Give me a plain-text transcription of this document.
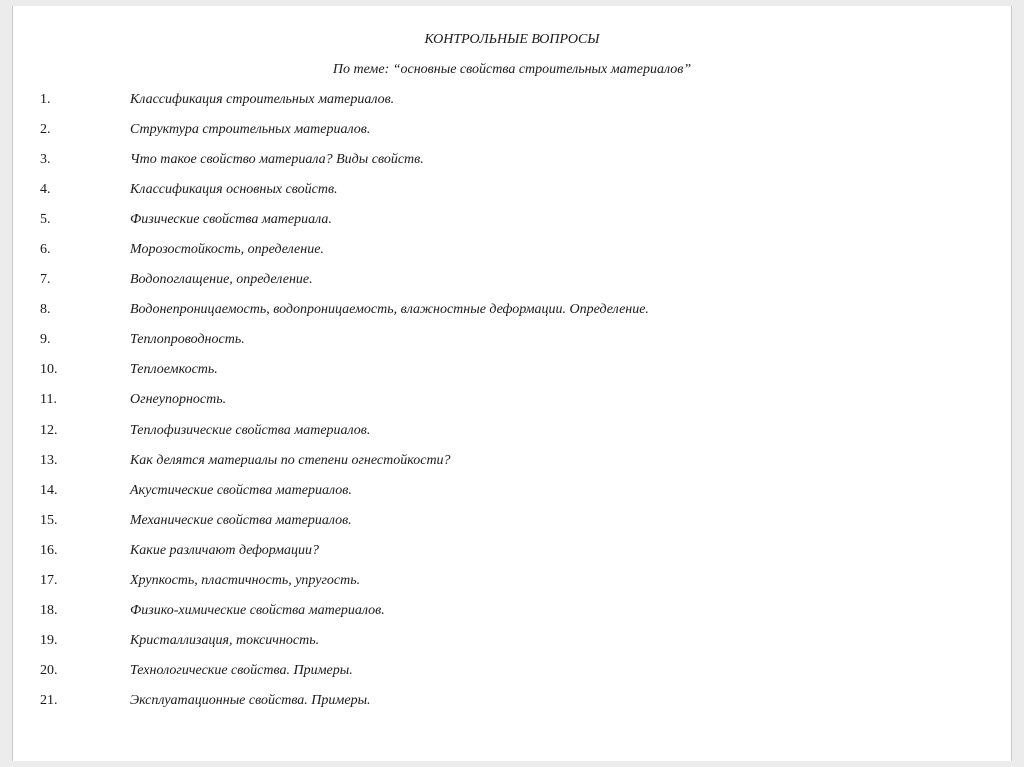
КОНТРОЛЬНЫЕ ВОПРОСЫ

По теме: “основные свойства строительных материалов”

1.	Классификация строительных материалов.
2.	Структура строительных материалов.
3.	Что такое свойство материала? Виды свойств.
4.	Классификация основных свойств.
5.	Физические свойства материала.
6.	Морозостойкость, определение.
7.	Водопоглащение, определение.
8.	Водонепроницаемость, водопроницаемость, влажностные деформации. Определение.
9.	Теплопроводность.
10.	Теплоемкость.
11.	Огнеупорность.
12.	Теплофизические свойства материалов.
13.	Как делятся материалы по степени огнестойкости?
14.	Акустические свойства материалов.
15.	Механические свойства материалов.
16.	Какие различают деформации?
17.	Хрупкость, пластичность, упругость.
18.	Физико-химические свойства материалов.
19.	Кристаллизация, токсичность.
20.	Технологические свойства. Примеры.
21.	Эксплуатационные свойства. Примеры.
